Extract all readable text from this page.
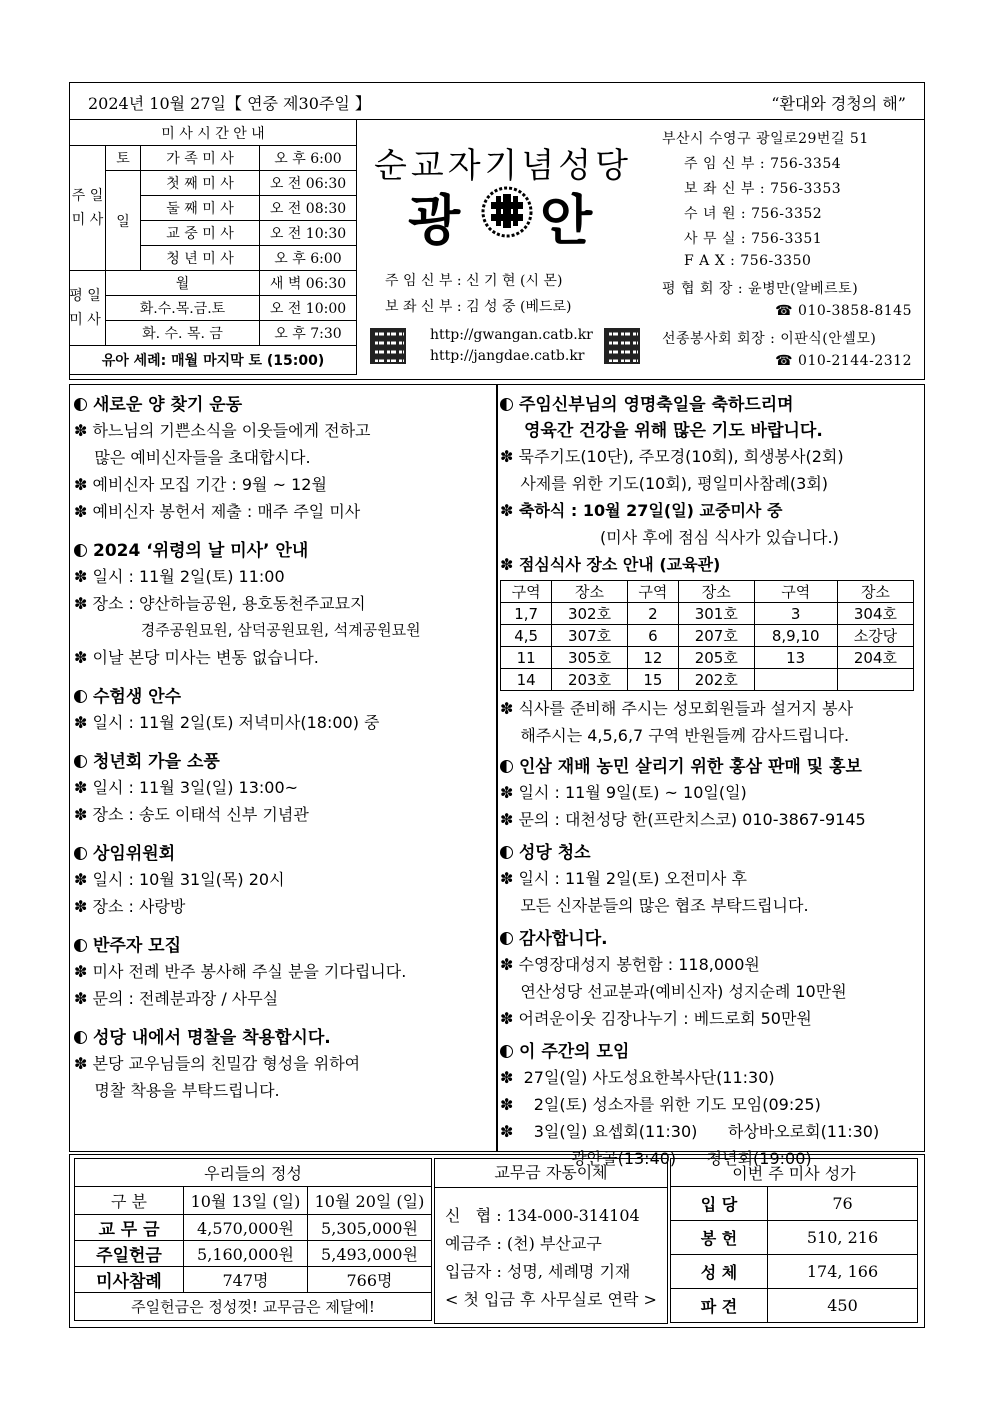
2024년 10월 27일【 연중 제30주일 】	“환대와 경청의 해”
미 사 시 간 안 내			
주 일 미 사	토	가 족 미 사	오 후 6:00
	일	첫 째 미 사	오 전 06:30
		둘 째 미 사	오 전 08:30
		교 중 미 사	오 전 10:30
		청 년 미 사	오 후 6:00

평 일 미 사	월		새 벽 06:30
	화.수.목.금.토		오 전 10:00
	화. 수. 목. 금		오 후 7:30
유아 세례: 매월 마지막 토 (15:00)			
순교자기념성당
광 안
주 임 신 부 : 신 기 현 (시 몬)
보 좌 신 부 : 김 성 중 (베드로)
http://gwangan.catb.kr
http://jangdae.catb.kr
부산시 수영구 광일로29번길 51
주 임 신 부 : 756-3354
보 좌 신 부 : 756-3353
수 녀 원 : 756-3352
사 무 실 : 756-3351
F A X : 756-3350
평 협 회 장 : 윤병만(알베르토)
☎ 010-3858-8145
선종봉사회 회장 : 이판식(안셀모)
☎ 010-2144-2312
새로운 양 찾기 운동
✽ 하느님의 기쁜소식을 이웃들에게 전하고
많은 예비신자들을 초대합시다.
✽ 예비신자 모집 기간 : 9월 ~ 12월
✽ 예비신자 봉헌서 제출 : 매주 주일 미사
2024 ‘위령의 날 미사’ 안내
✽ 일시 : 11월 2일(토) 11:00
✽ 장소 : 양산하늘공원, 용호동천주교묘지
경주공원묘원, 삼덕공원묘원, 석계공원묘원
✽ 이날 본당 미사는 변동 없습니다.
수험생 안수
✽ 일시 : 11월 2일(토) 저녁미사(18:00) 중
청년회 가을 소풍
✽ 일시 : 11월 3일(일) 13:00~
✽ 장소 : 송도 이태석 신부 기념관
상임위원회
✽ 일시 : 10월 31일(목) 20시
✽ 장소 : 사랑방
반주자 모집
✽ 미사 전례 반주 봉사해 주실 분을 기다립니다.
✽ 문의 : 전례분과장 / 사무실
성당 내에서 명찰을 착용합시다.
✽ 본당 교우님들의 친밀감 형성을 위하여
명찰 착용을 부탁드립니다.
주임신부님의 영명축일을 축하드리며
영육간 건강을 위해 많은 기도 바랍니다.
✽ 묵주기도(10단), 주모경(10회), 희생봉사(2회)
사제를 위한 기도(10회), 평일미사참례(3회)
✽ 축하식 : 10월 27일(일) 교중미사 중
(미사 후에 점심 식사가 있습니다.)
✽ 점심식사 장소 안내 (교육관)
구역	장소	구역	장소	구역	장소
1,7	302호	2	301호	3	304호
4,5	307호	6	207호	8,9,10	소강당
11	305호	12	205호	13	204호
14	203호	15	202호		
✽ 식사를 준비해 주시는 성모회원들과 설거지 봉사
해주시는 4,5,6,7 구역 반원들께 감사드립니다.
인삼 재배 농민 살리기 위한 홍삼 판매 및 홍보
✽ 일시 : 11월 9일(토) ~ 10일(일)
✽ 문의 : 대천성당 한(프란치스코) 010-3867-9145
성당 청소
✽ 일시 : 11월 2일(토) 오전미사 후
모든 신자분들의 많은 협조 부탁드립니다.
감사합니다.
✽ 수영장대성지 봉헌함 : 118,000원
연산성당 선교분과(예비신자) 성지순례 10만원
✽ 어려운이웃 김장나누기 : 베드로회 50만원
이 주간의 모임
✽  27일(일) 사도성요한복사단(11:30)
✽    2일(토) 성소자를 위한 기도 모임(09:25)
✽    3일(일) 요셉회(11:30)      하상바오로회(11:30)
광안골(13:40)      청년회(19:00)
우리들의 정성		
구 분	10월 13일 (일)	10월 20일 (일)
교 무 금	4,570,000원	5,305,000원
주일헌금	5,160,000원	5,493,000원
미사참례	747명	766명
주일헌금은 정성껏! 교무금은 제달에!		
교무금 자동이체
신   협 : 134-000-314104
예금주 : (천) 부산교구
입금자 : 성명, 세례명 기재
< 첫 입금 후 사무실로 연락 >
이번 주 미사 성가	
입 당	76
봉 헌	510, 216
성 체	174, 166
파 견	450
